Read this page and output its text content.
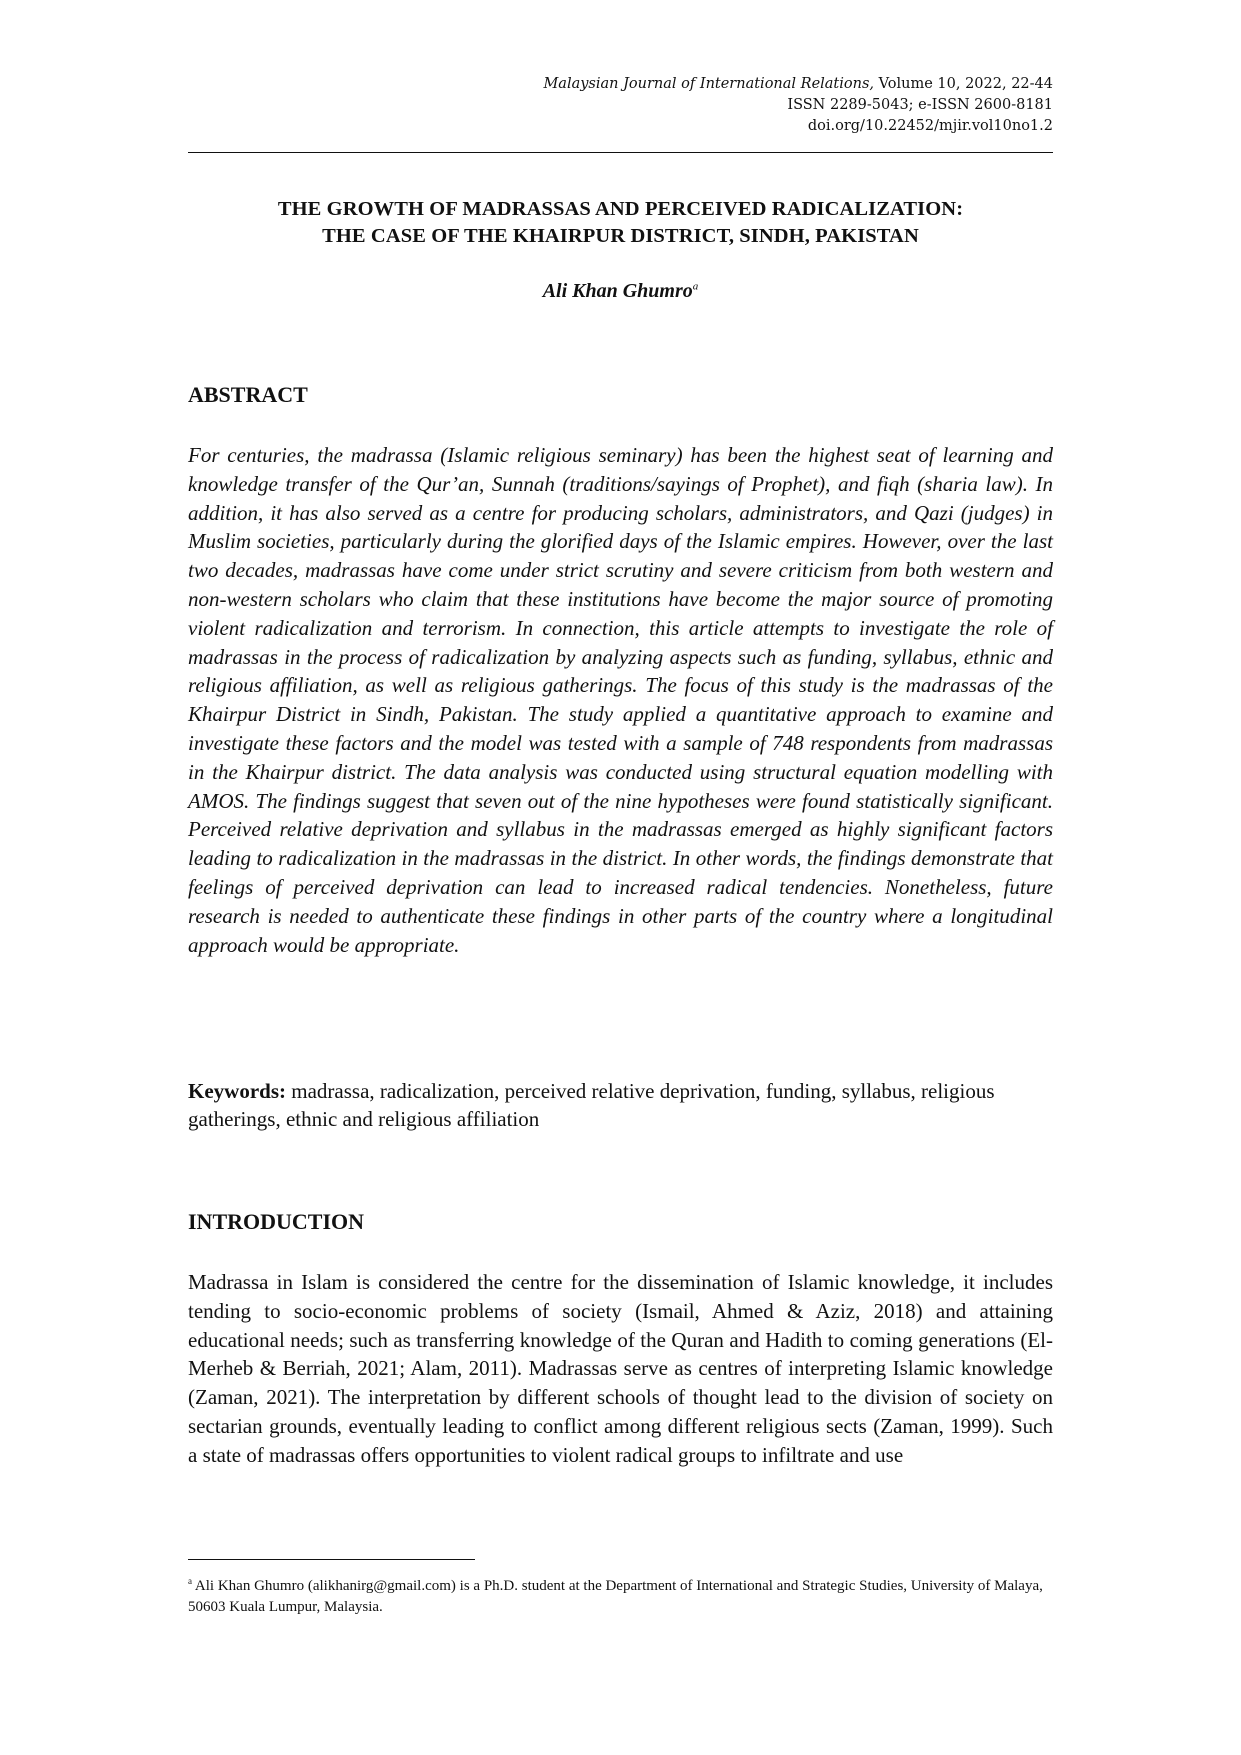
Malaysian Journal of International Relations, Volume 10, 2022, 22-44
ISSN 2289-5043; e-ISSN 2600-8181
doi.org/10.22452/mjir.vol10no1.2
THE GROWTH OF MADRASSAS AND PERCEIVED RADICALIZATION:
THE CASE OF THE KHAIRPUR DISTRICT, SINDH, PAKISTAN
Ali Khan Ghumro$^a$
ABSTRACT
For centuries, the madrassa (Islamic religious seminary) has been the highest seat of learning and knowledge transfer of the Qur’an, Sunnah (traditions/sayings of Prophet), and fiqh (sharia law). In addition, it has also served as a centre for producing scholars, administrators, and Qazi (judges) in Muslim societies, particularly during the glorified days of the Islamic empires. However, over the last two decades, madrassas have come under strict scrutiny and severe criticism from both western and non-western scholars who claim that these institutions have become the major source of promoting violent radicalization and terrorism. In connection, this article attempts to investigate the role of madrassas in the process of radicalization by analyzing aspects such as funding, syllabus, ethnic and religious affiliation, as well as religious gatherings. The focus of this study is the madrassas of the Khairpur District in Sindh, Pakistan. The study applied a quantitative approach to examine and investigate these factors and the model was tested with a sample of 748 respondents from madrassas in the Khairpur district. The data analysis was conducted using structural equation modelling with AMOS. The findings suggest that seven out of the nine hypotheses were found statistically significant. Perceived relative deprivation and syllabus in the madrassas emerged as highly significant factors leading to radicalization in the madrassas in the district. In other words, the findings demonstrate that feelings of perceived deprivation can lead to increased radical tendencies. Nonetheless, future research is needed to authenticate these findings in other parts of the country where a longitudinal approach would be appropriate.
Keywords: madrassa, radicalization, perceived relative deprivation, funding, syllabus, religious gatherings, ethnic and religious affiliation
INTRODUCTION
Madrassa in Islam is considered the centre for the dissemination of Islamic knowledge, it includes tending to socio-economic problems of society (Ismail, Ahmed & Aziz, 2018) and attaining educational needs; such as transferring knowledge of the Quran and Hadith to coming generations (El-Merheb & Berriah, 2021; Alam, 2011). Madrassas serve as centres of interpreting Islamic knowledge (Zaman, 2021). The interpretation by different schools of thought lead to the division of society on sectarian grounds, eventually leading to conflict among different religious sects (Zaman, 1999). Such a state of madrassas offers opportunities to violent radical groups to infiltrate and use
$^a$ Ali Khan Ghumro (alikhanirg@gmail.com) is a Ph.D. student at the Department of International and Strategic Studies, University of Malaya, 50603 Kuala Lumpur, Malaysia.
